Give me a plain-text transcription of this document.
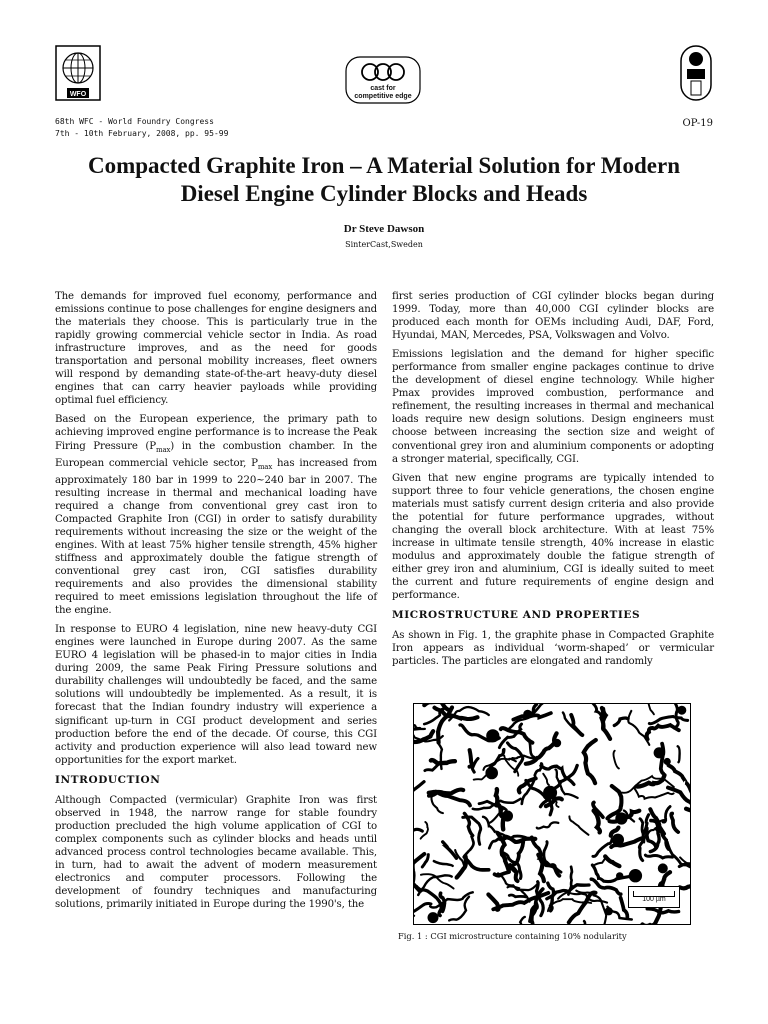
WFO
cast for
competitive edge
68th WFC - World Foundry Congress
7th - 10th February, 2008, pp. 95-99
OP-19
Compacted Graphite Iron – A Material Solution for Modern Diesel Engine Cylinder Blocks and Heads
Dr Steve Dawson
SinterCast,Sweden

The demands for improved fuel economy, performance and emissions continue to pose challenges for engine designers and the materials they choose. This is particularly true in the rapidly growing commercial vehicle sector in India. As road infrastructure improves, and as the need for goods transportation and personal mobility increases, fleet owners will respond by demanding state-of-the-art heavy-duty diesel engines that can carry heavier payloads while providing optimal fuel efficiency.

Based on the European experience, the primary path to achieving improved engine performance is to increase the Peak Firing Pressure $(P_{max})$ in the combustion chamber. In the European commercial vehicle sector, $P_{max}$ has increased from approximately 180 bar in 1999 to 220~240 bar in 2007. The resulting increase in thermal and mechanical loading have required a change from conventional grey cast iron to Compacted Graphite Iron (CGI) in order to satisfy durability requirements without increasing the size or the weight of the engines. With at least 75% higher tensile strength, 45% higher stiffness and approximately double the fatigue strength of conventional grey cast iron, CGI satisfies durability requirements and also provides the dimensional stability required to meet emissions legislation throughout the life of the engine.

In response to EURO 4 legislation, nine new heavy-duty CGI engines were launched in Europe during 2007. As the same EURO 4 legislation will be phased-in to major cities in India during 2009, the same Peak Firing Pressure solutions and durability challenges will undoubtedly be faced, and the same solutions will undoubtedly be implemented. As a result, it is forecast that the Indian foundry industry will experience a significant up-turn in CGI product development and series production before the end of the decade. Of course, this CGI activity and production experience will also lead toward new opportunities for the export market.

INTRODUCTION

Although Compacted (vermicular) Graphite Iron was first observed in 1948, the narrow range for stable foundry production precluded the high volume application of CGI to complex components such as cylinder blocks and heads until advanced process control technologies became available. This, in turn, had to await the advent of modern measurement electronics and computer processors. Following the development of foundry techniques and manufacturing solutions, primarily initiated in Europe during the 1990's, the

first series production of CGI cylinder blocks began during 1999. Today, more than 40,000 CGI cylinder blocks are produced each month for OEMs including Audi, DAF, Ford, Hyundai, MAN, Mercedes, PSA, Volkswagen and Volvo.

Emissions legislation and the demand for higher specific performance from smaller engine packages continue to drive the development of diesel engine technology. While higher Pmax provides improved combustion, performance and refinement, the resulting increases in thermal and mechanical loads require new design solutions. Design engineers must choose between increasing the section size and weight of conventional grey iron and aluminium components or adopting a stronger material, specifically, CGI.

Given that new engine programs are typically intended to support three to four vehicle generations, the chosen engine materials must satisfy current design criteria and also provide the potential for future performance upgrades, without changing the overall block architecture. With at least 75% increase in ultimate tensile strength, 40% increase in elastic modulus and approximately double the fatigue strength of either grey iron and aluminium, CGI is ideally suited to meet the current and future requirements of engine design and performance.

MICROSTRUCTURE AND PROPERTIES

As shown in Fig. 1, the graphite phase in Compacted Graphite Iron appears as individual ‘worm-shaped’ or vermicular particles. The particles are elongated and randomly

100 µm
Fig. 1 : CGI microstructure containing 10% nodularity
